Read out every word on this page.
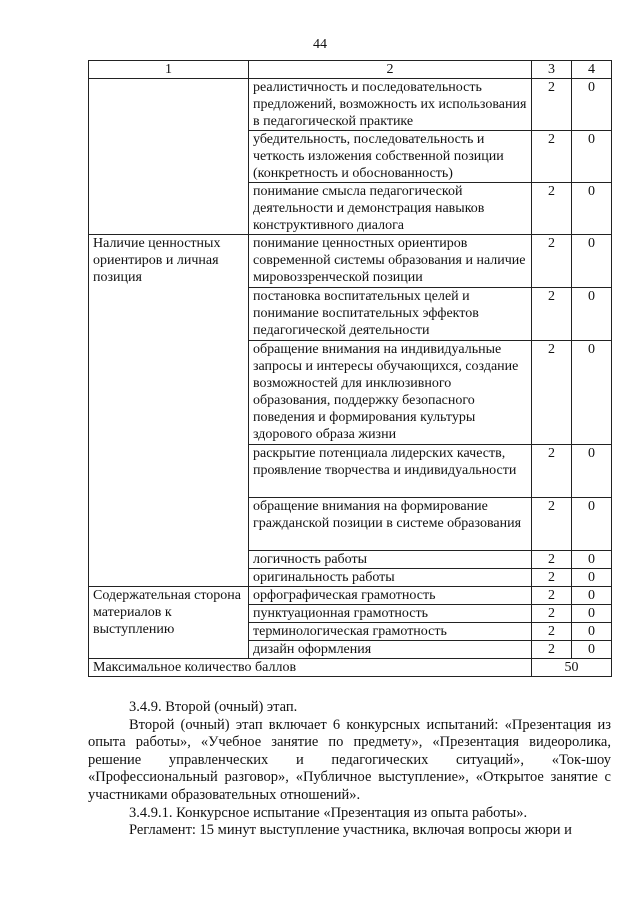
44
1	2	3	4
	реалистичность и последовательность предложений, возможность их использования в педагогической практике	2	0
	убедительность, последовательность и четкость изложения собственной позиции (конкретность и обоснованность)	2	0
	понимание смысла педагогической деятельности и демонстрация навыков конструктивного диалога	2	0
Наличие ценностных ориентиров и личная позиция	понимание ценностных ориентиров современной системы образования и наличие мировоззренческой позиции	2	0
	постановка воспитательных целей и понимание воспитательных эффектов педагогической деятельности	2	0
	обращение внимания на индивидуальные запросы и интересы обучающихся, создание возможностей для инклюзивного образования, поддержку безопасного поведения и формирования культуры здорового образа жизни	2	0
	раскрытие потенциала лидерских качеств, проявление творчества и индивидуальности	2	0
	обращение внимания на формирование гражданской позиции в системе образования	2	0
	логичность работы	2	0
	оригинальность работы	2	0
Содержательная сторона материалов к выступлению	орфографическая грамотность	2	0
	пунктуационная грамотность	2	0
	терминологическая грамотность	2	0
	дизайн оформления	2	0
Максимальное количество баллов		50	

3.4.9. Второй (очный) этап.

Второй (очный) этап включает 6 конкурсных испытаний: «Презентация из опыта работы», «Учебное занятие по предмету», «Презентация видеоролика, решение управленческих и педагогических ситуаций», «Ток-шоу «Профессиональный разговор», «Публичное выступление», «Открытое занятие с участниками образовательных отношений».

3.4.9.1. Конкурсное испытание «Презентация из опыта работы».

Регламент: 15 минут выступление участника, включая вопросы жюри и
